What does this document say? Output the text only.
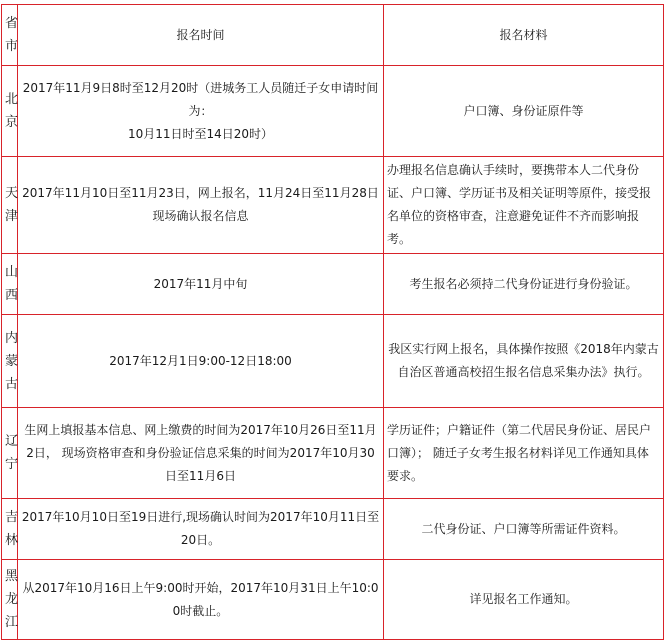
省市	报名时间	报名材料
北京	2017年11月9日8时至12月20时（进城务工人员随迁子女申请时间为：
10月11日时至14日20时）	户口簿、身份证原件等

天津	2017年11月10日至11月23日，网上报名，11月24日至11月28日现场确认报名信息	办理报名信息确认手续时，要携带本人二代身份证、户口簿、学历证书及相关证明等原件，接受报名单位的资格审查，注意避免证件不齐而影响报考。

山西	2017年11月中旬	考生报名必须持二代身份证进行身份验证。

内蒙古	2017年12月1日9:00-12日18:00	我区实行网上报名，具体操作按照《2018年内蒙古自治区普通高校招生报名信息采集办法》执行。

辽宁	生网上填报基本信息、网上缴费的时间为2017年10月26日至11月2日， 现场资格审查和身份验证信息采集的时间为2017年10月30日至11月6日	学历证件；户籍证件（第二代居民身份证、居民户口簿）； 随迁子女考生报名材料详见工作通知具体要求。

吉林	2017年10月10日至19日进行,现场确认时间为2017年10月11日至20日。	二代身份证、户口簿等所需证件资料。

黑龙江	从2017年10月16日上午9:00时开始，2017年10月31日上午10:00时截止。	详见报名工作通知。
